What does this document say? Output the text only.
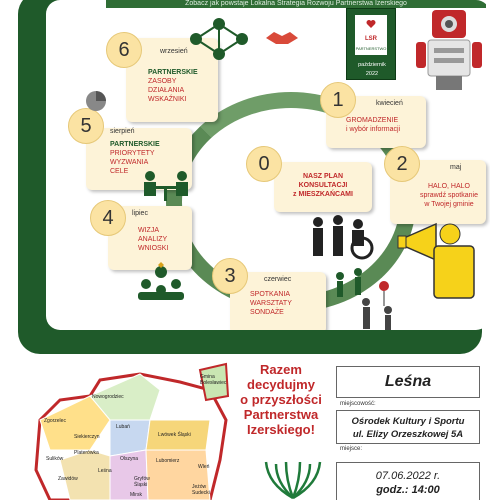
Zobacz jak powstaje Lokalna Strategia Rozwoju Partnerstwa Izerskiego
NASZ PLAN
KONSULTACJI
z MIESZKAŃCAMI
0
kwiecień
GROMADZENIE
i wybór informacji
1
maj
HALO, HALO
sprawdź spotkanie
w Twojej gminie
2
czerwiec
SPOTKANIA
WARSZTATY
SONDAŻE
3
lipiec
WIZJA
ANALIZY
WNIOSKI
4
sierpień
PARTNERSKIE
PRIORYTETY
WYZWANIA
CELE
5
wrzesień
PARTNERSKIE
ZASOBY
DZIAŁANIA
WSKAŹNIKI
6	LSR
PARTNERSTWO IZERSKIE
październik
2022
Nowogrodziec
Gmina Bolesławiec
Zgorzelec
Lubań
Siekierczyn	Lwówek Śląski
Sulików
Platerówka
Olszyna	Lubomierz
Wleń
Zawidów
Leśna
Gryfów Śląski	Jeżów Sudecki
Mirsk
Razem
decydujmy
o przyszłości
Partnerstwa
Izerskiego!
Leśna
miejscowość:
Ośrodek Kultury i Sportu
ul. Elizy Orzeszkowej 5A
miejsce:
07.06.2022 r.
godz.: 14:00
